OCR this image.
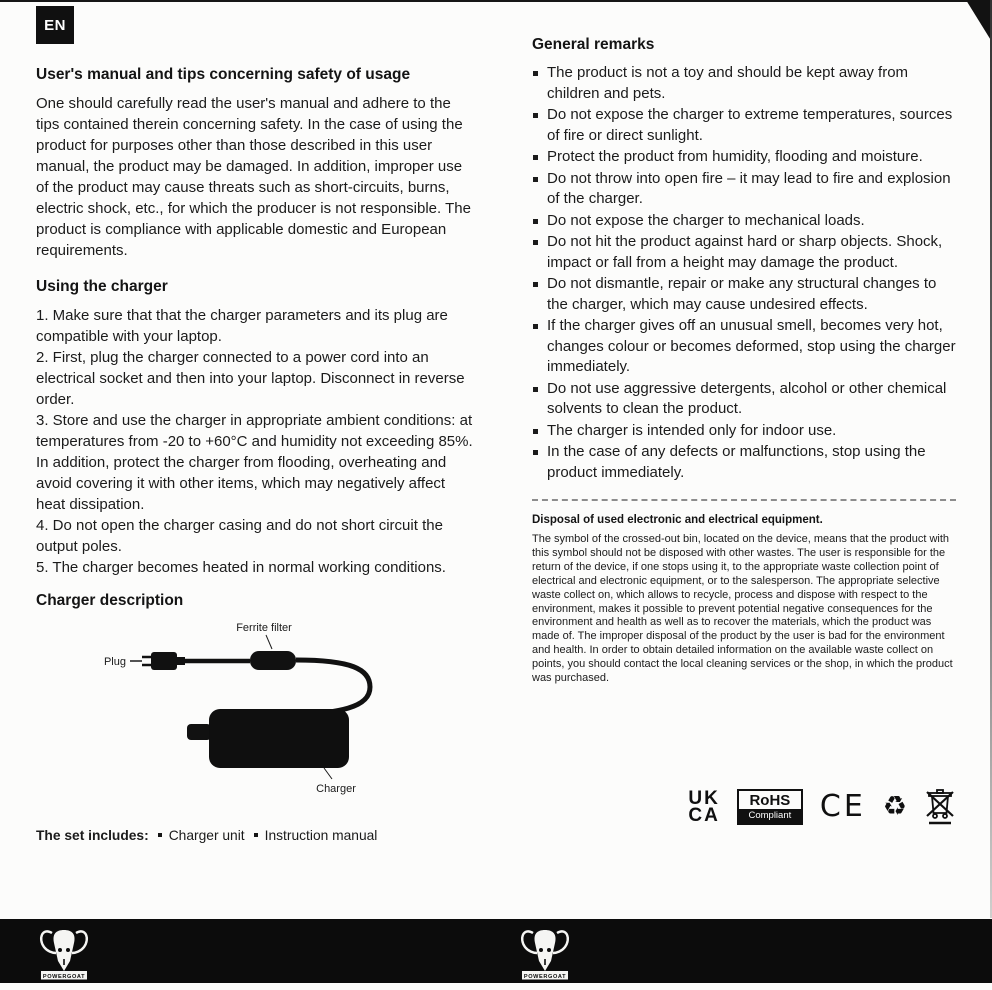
EN
User's manual and tips concerning safety of usage

One should carefully read the user's manual and adhere to the tips contained therein concerning safety. In the case of using the product for purposes other than those described in this user manual, the product may be damaged. In addition, improper use of the product may cause threats such as short-circuits, burns, electric shock, etc., for which the producer is not responsible. The product is compliance with applicable domestic and European requirements.

Using the charger

1. Make sure that that the charger parameters and its plug are compatible with your laptop.

2. First, plug the charger connected to a power cord into an electrical socket and then into your laptop. Disconnect in reverse order.

3. Store and use the charger in appropriate ambient conditions: at temperatures from -20 to +60°C and humidity not exceeding 85%. In addition, protect the charger from flooding, overheating and avoid covering it with other items, which may negatively affect heat dissipation.

4. Do not open the charger casing and do not short circuit the output poles.

5. The charger becomes heated in normal working conditions.

Charger description
Ferrite filter
Plug
Charger

The set includes: Charger unit Instruction manual

General remarks
The product is not a toy and should be kept away from children and pets.
Do not expose the charger to extreme temperatures, sources of fire or direct sunlight.
Protect the product from humidity, flooding and moisture.
Do not throw into open fire – it may lead to fire and explosion of the charger.
Do not expose the charger to mechanical loads.
Do not hit the product against hard or sharp objects. Shock, impact or fall from a height may damage the product.
Do not dismantle, repair or make any structural changes to the charger, which may cause undesired effects.
If the charger gives off an unusual smell, becomes very hot, changes colour or becomes deformed, stop using the charger immediately.
Do not use aggressive detergents, alcohol or other chemical solvents to clean the product.
The charger is intended only for indoor use.
In the case of any defects or malfunctions, stop using the product immediately.

Disposal of used electronic and electrical equipment.

The symbol of the crossed-out bin, located on the device, means that the product with this symbol should not be disposed with other wastes. The user is responsible for the return of the device, if one stops using it, to the appropriate waste collection point of electrical and electronic equipment, or to the salesperson. The appropriate selective waste collect on, which allows to recycle, process and dispose with respect to the environment, makes it possible to prevent potential negative consequences for the environment and health as well as to recover the materials, which the product was made of. The improper disposal of the product by the user is bad for the environment and health. In order to obtain detailed information on the available waste collect on points, you should contact the local cleaning services or the shop, in which the product was purchased.

UK
CA
RoHS
Compliant CE ♻
POWERGOAT	POWERGOAT
